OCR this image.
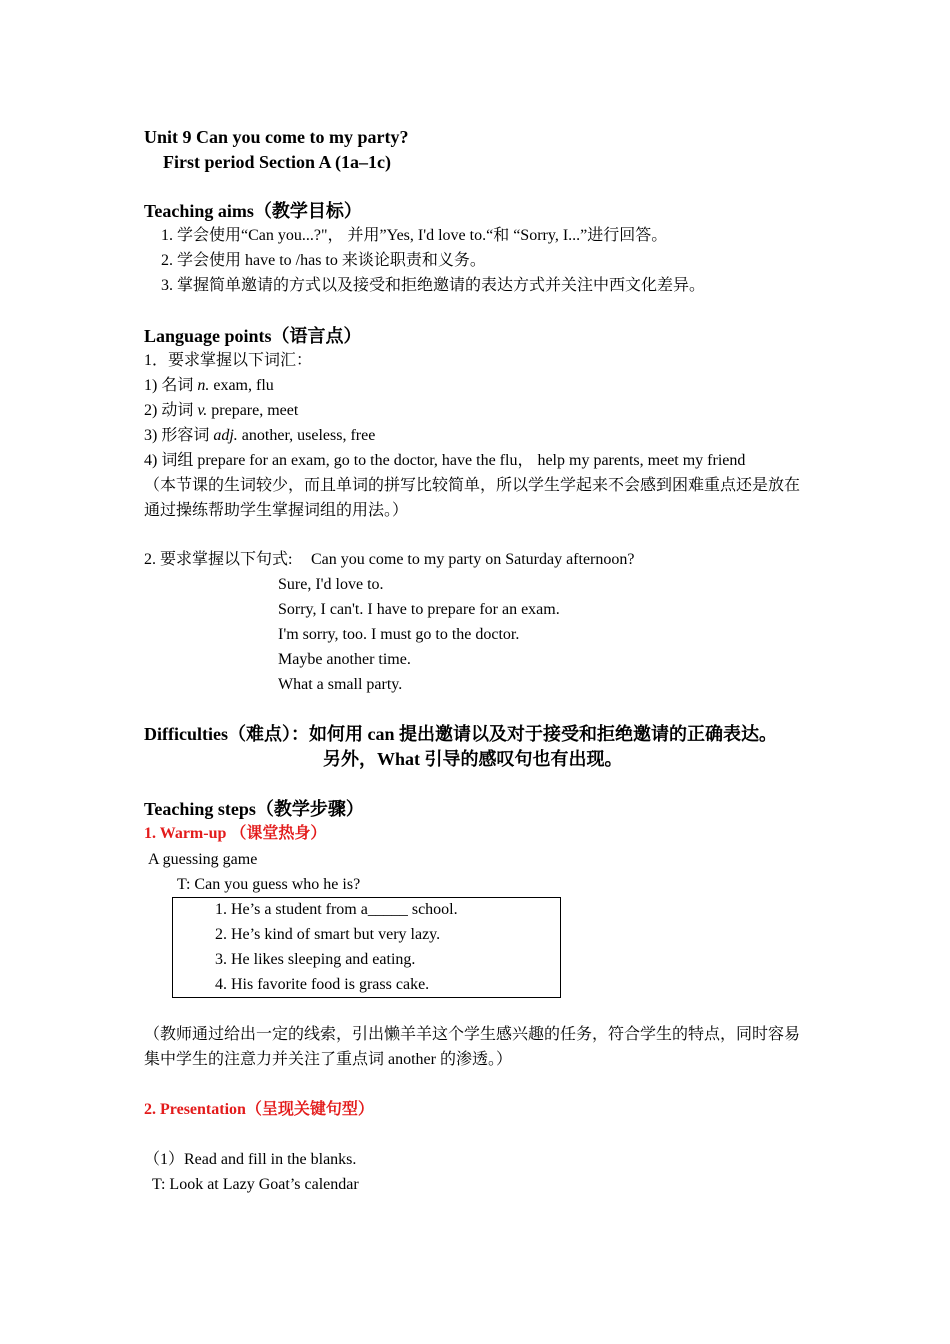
Unit 9 Can you come to my party?
First period Section A (1a–1c)
Teaching aims（教学目标）
1. 学会使用“Can you...?"， 并用”Yes, I'd love to.“和 “Sorry, I...”进行回答。
2. 学会使用 have to /has to 来谈论职责和义务。
3. 掌握简单邀请的方式以及接受和拒绝邀请的表达方式并关注中西文化差异。
Language points（语言点）
1．要求掌握以下词汇：
1) 名词 n. exam, flu
2) 动词 v. prepare, meet
3) 形容词 adj. another, useless, free
4) 词组 prepare for an exam, go to the doctor, have the flu， help my parents, meet my friend
（本节课的生词较少，而且单词的拼写比较简单，所以学生学起来不会感到困难重点还是放在通过操练帮助学生掌握词组的用法。）
2. 要求掌握以下句式: Can you come to my party on Saturday afternoon?
Sure, I'd love to.
Sorry, I can't. I have to prepare for an exam.
I'm sorry, too. I must go to the doctor.
Maybe another time.
What a small party.
Difficulties（难点）：如何用 can 提出邀请以及对于接受和拒绝邀请的正确表达。
另外，What 引导的感叹句也有出现。
Teaching steps（教学步骤）
1. Warm-up （课堂热身）
A guessing game
T: Can you guess who he is?
1. He’s a student from a_____ school.
2. He’s kind of smart but very lazy.
3. He likes sleeping and eating.
4. His favorite food is grass cake.
（教师通过给出一定的线索，引出懒羊羊这个学生感兴趣的任务，符合学生的特点，同时容易集中学生的注意力并关注了重点词 another 的渗透。）
2. Presentation（呈现关键句型）
（1）Read and fill in the blanks.
T: Look at Lazy Goat’s calendar
